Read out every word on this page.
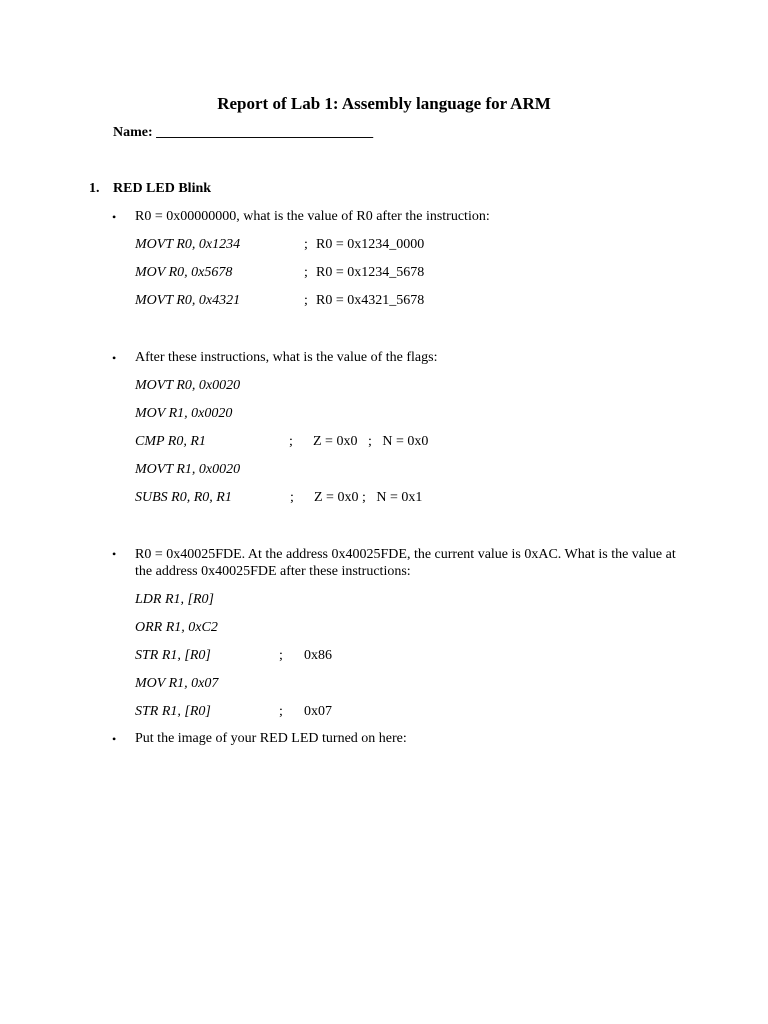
Report of Lab 1: Assembly language for ARM
Name: _______________________________
1. RED LED Blink
• R0 = 0x00000000, what is the value of R0 after the instruction:
MOVT R0, 0x1234	; R0 = 0x1234_0000
MOV R0, 0x5678	; R0 = 0x1234_5678
MOVT R0, 0x4321	; R0 = 0x4321_5678
• After these instructions, what is the value of the flags:
MOVT R0, 0x0020
MOV R1, 0x0020
CMP R0, R1	; Z = 0x0   ;   N = 0x0
MOVT R1, 0x0020
SUBS R0, R0, R1	; Z = 0x0 ;   N = 0x1
• R0 = 0x40025FDE. At the address 0x40025FDE, the current value is 0xAC. What is the value at the address 0x40025FDE after these instructions:
LDR R1, [R0]
ORR R1, 0xC2
STR R1, [R0]	; 0x86
MOV R1, 0x07
STR R1, [R0]	; 0x07
• Put the image of your RED LED turned on here:
